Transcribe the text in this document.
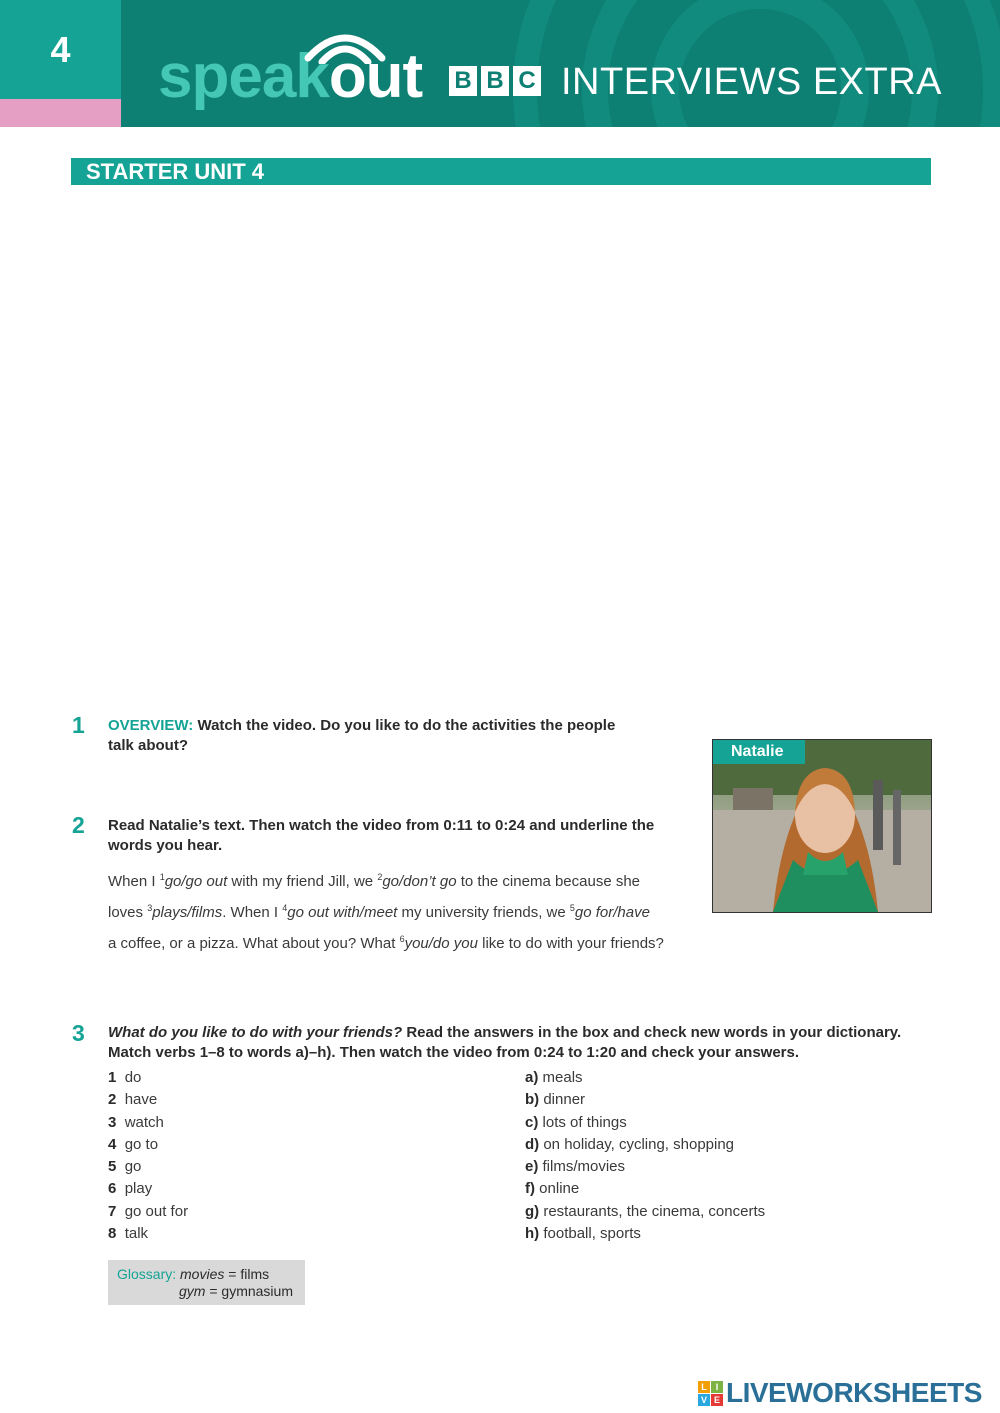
4	speakout B B C INTERVIEWS EXTRA
STARTER UNIT 4
1 OVERVIEW: Watch the video. Do you like to do the activities the people
talk about?	Natalie
2 Read Natalie’s text. Then watch the video from 0:11 to 0:24 and underline the
words you hear.
When I $^1$go/go out with my friend Jill, we $^2$go/don’t go to the cinema because she
loves $^3$plays/films. When I $^4$go out with/meet my university friends, we $^5$go for/have
a coffee, or a pizza. What about you? What $^6$you/do you like to do with your friends?
3 What do you like to do with your friends? Read the answers in the box and check new words in your dictionary.
Match verbs 1–8 to words a)–h). Then watch the video from 0:24 to 1:20 and check your answers.
1 do
2 have
3 watch
4 go to
5 go
6 play
7 go out for
8 talk
a) meals
b) dinner
c) lots of things
d) on holiday, cycling, shopping
e) films/movies
f) online
g) restaurants, the cinema, concerts
h) football, sports
Glossary: movies = films
gym = gymnasium
L I
V E LIVEWORKSHEETS
